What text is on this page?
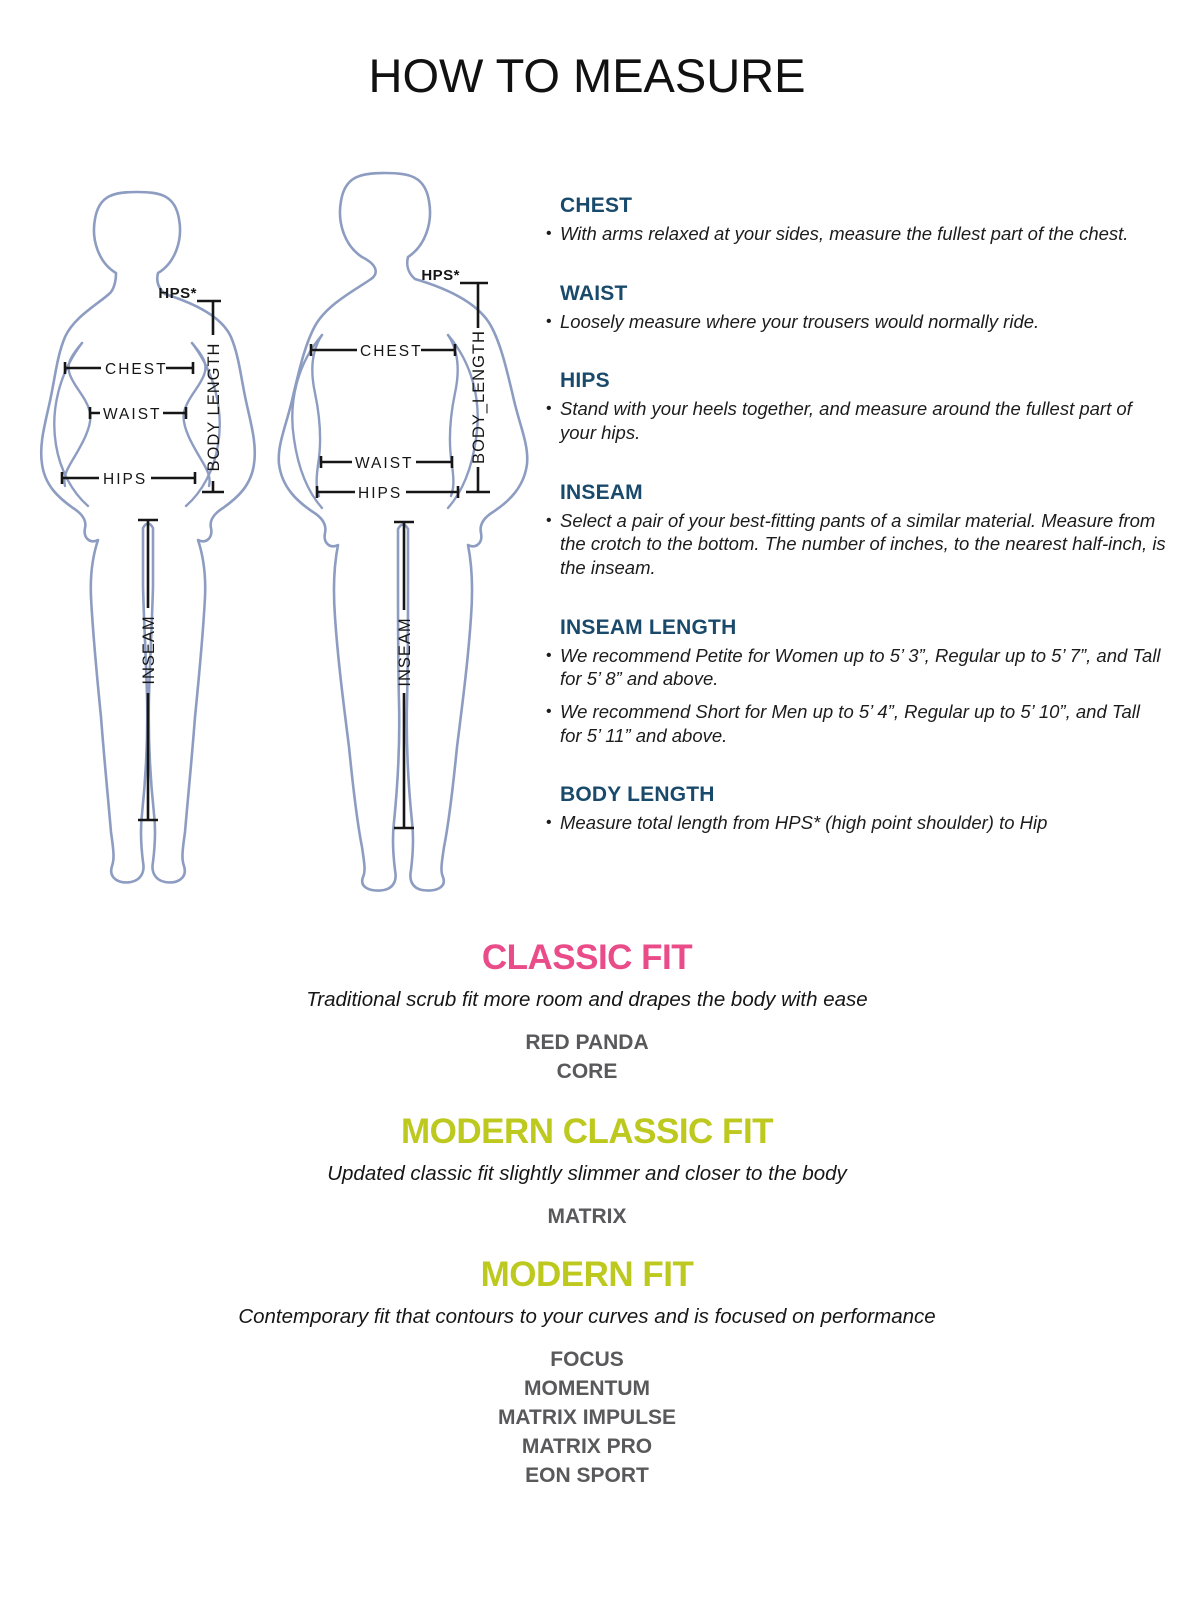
HOW TO MEASURE
HPS*
BODY LENGTH
CHEST
WAIST
HIPS
INSEAM
HPS*
BODY_LENGTH
CHEST
WAIST
HIPS
INSEAM
CHEST
• With arms relaxed at your sides, measure the fullest part of the chest.
WAIST
• Loosely measure where your trousers would normally ride.
HIPS
• Stand with your heels together, and measure around the fullest part of your hips.
INSEAM
• Select a pair of your best-fitting pants of a similar material. Measure from the crotch to the bottom. The number of inches, to the nearest half-inch, is the inseam.
INSEAM LENGTH
• We recommend Petite for Women up to 5’ 3”, Regular up to 5’ 7”, and Tall for 5’ 8” and above.
• We recommend Short for Men up to 5’ 4”, Regular up to 5’ 10”, and Tall for 5’ 11” and above.
BODY LENGTH
• Measure total length from HPS* (high point shoulder) to Hip
CLASSIC FIT
Traditional scrub fit more room and drapes the body with ease
RED PANDA
CORE
MODERN CLASSIC FIT
Updated classic fit slightly slimmer and closer to the body
MATRIX
MODERN FIT
Contemporary fit that contours to your curves and is focused on performance
FOCUS
MOMENTUM
MATRIX IMPULSE
MATRIX PRO
EON SPORT
